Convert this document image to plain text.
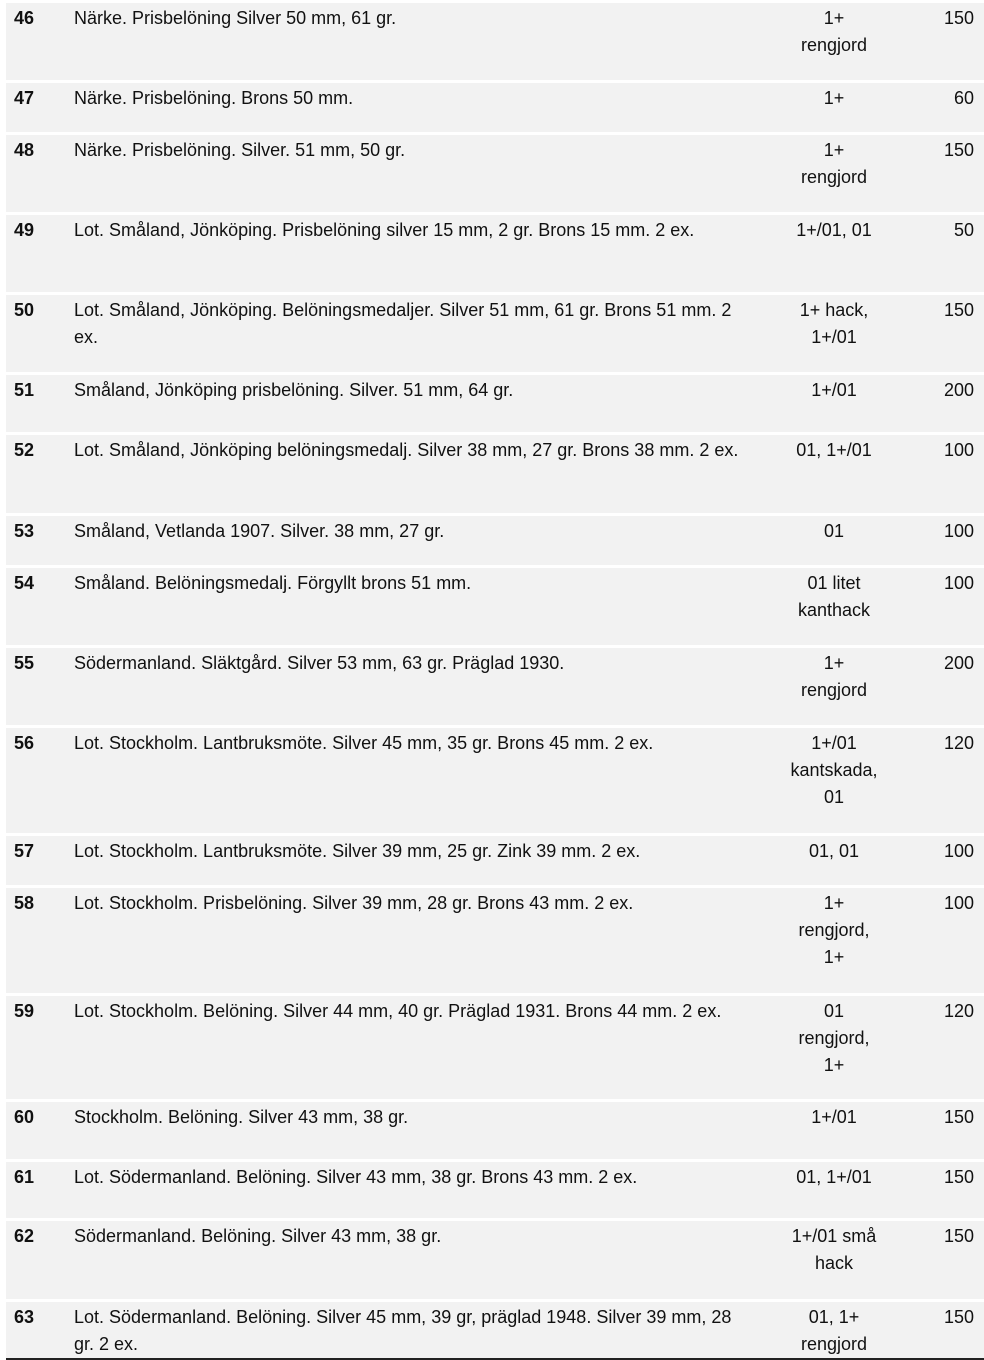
46	Närke. Prisbelöning Silver 50 mm, 61 gr.	1+
rengjord	150
47	Närke. Prisbelöning. Brons 50 mm.	1+	60
48	Närke. Prisbelöning. Silver. 51 mm, 50 gr.	1+
rengjord	150
49	Lot. Småland, Jönköping. Prisbelöning silver 15 mm, 2 gr. Brons 15 mm. 2 ex.	1+/01, 01	50
50	Lot. Småland, Jönköping. Belöningsmedaljer. Silver 51 mm, 61 gr. Brons 51 mm. 2 ex.	1+ hack,
1+/01	150
51	Småland, Jönköping prisbelöning. Silver. 51 mm, 64 gr.	1+/01	200
52	Lot. Småland, Jönköping belöningsmedalj. Silver 38 mm, 27 gr. Brons 38 mm. 2 ex.	01, 1+/01	100
53	Småland, Vetlanda 1907. Silver. 38 mm, 27 gr.	01	100
54	Småland. Belöningsmedalj. Förgyllt brons 51 mm.	01 litet
kanthack	100
55	Södermanland. Släktgård. Silver 53 mm, 63 gr. Präglad 1930.	1+
rengjord	200
56	Lot. Stockholm. Lantbruksmöte. Silver 45 mm, 35 gr. Brons 45 mm. 2 ex.	1+/01
kantskada,
01	120
57	Lot. Stockholm. Lantbruksmöte. Silver 39 mm, 25 gr. Zink 39 mm. 2 ex.	01, 01	100
58	Lot. Stockholm. Prisbelöning. Silver 39 mm, 28 gr. Brons 43 mm. 2 ex.	1+
rengjord,
1+	100
59	Lot. Stockholm. Belöning. Silver 44 mm, 40 gr. Präglad 1931. Brons 44 mm. 2 ex.	01
rengjord,
1+	120
60	Stockholm. Belöning. Silver 43 mm, 38 gr.	1+/01	150
61	Lot. Södermanland. Belöning. Silver 43 mm, 38 gr. Brons 43 mm. 2 ex.	01, 1+/01	150
62	Södermanland. Belöning. Silver 43 mm, 38 gr.	1+/01 små
hack	150
63	Lot. Södermanland. Belöning. Silver 45 mm, 39 gr, präglad 1948. Silver 39 mm, 28 gr. 2 ex.	01, 1+
rengjord	150
